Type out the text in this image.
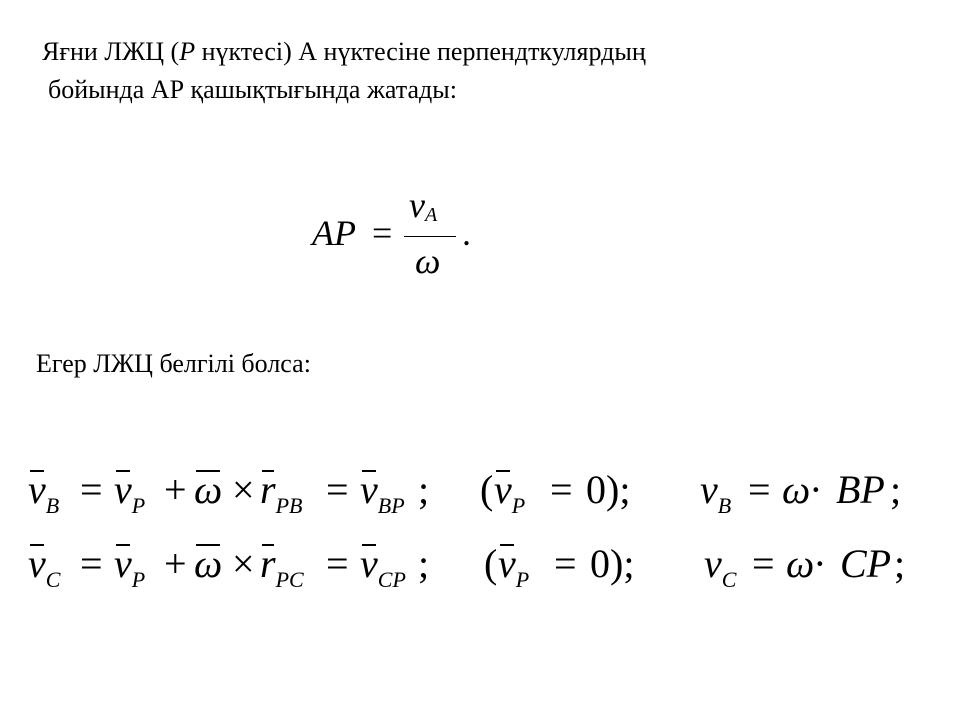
Яғни ЛЖЦ (P нүктесі) А нүктесіне перпендткулярдың
бойында АР қашықтығында жатады:
AP =
$v_A$
ω
.
Егер ЛЖЦ белгілі болса:
$v_B = v_P + \omega \times r_{PB} = v_{BP}$ ; ( $v_P = 0$); $v_B = \omega\cdot$ BP ;
$v_C = v_P + \omega \times r_{PC} = v_{CP}$ ; ( $v_P = 0$); $v_C = \omega\cdot$ CP ;
